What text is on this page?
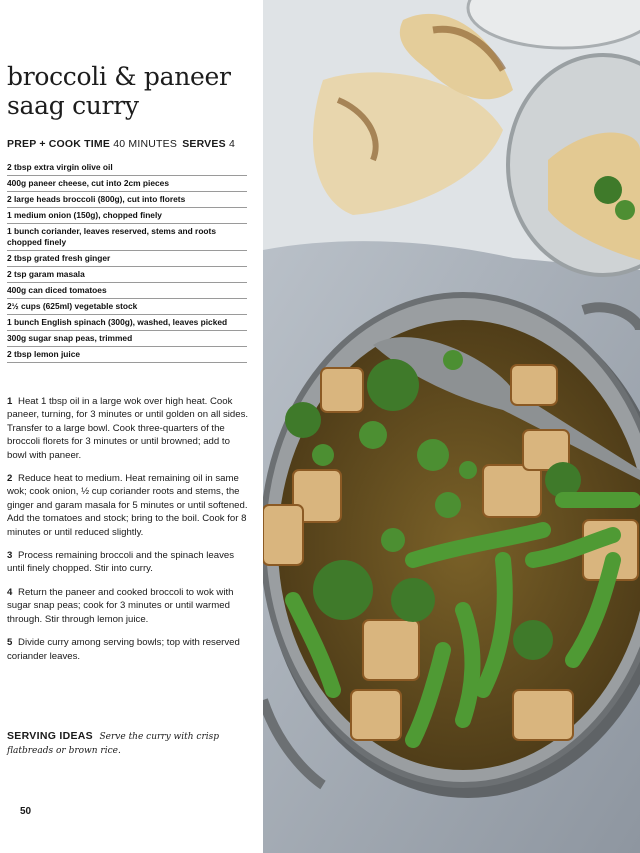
broccoli & paneer
saag curry
PREP + COOK TIME 40 MINUTES SERVES 4
2 tbsp extra virgin olive oil
400g paneer cheese, cut into 2cm pieces
2 large heads broccoli (800g), cut into florets
1 medium onion (150g), chopped finely
1 bunch coriander, leaves reserved, stems and roots chopped finely
2 tbsp grated fresh ginger
2 tsp garam masala
400g can diced tomatoes
2½ cups (625ml) vegetable stock
1 bunch English spinach (300g), washed, leaves picked
300g sugar snap peas, trimmed
2 tbsp lemon juice

1 Heat 1 tbsp oil in a large wok over high heat. Cook paneer, turning, for 3 minutes or until golden on all sides. Transfer to a large bowl. Cook three-quarters of the broccoli florets for 3 minutes or until browned; add to bowl with paneer.

2 Reduce heat to medium. Heat remaining oil in same wok; cook onion, ½ cup coriander roots and stems, the ginger and garam masala for 5 minutes or until softened. Add the tomatoes and stock; bring to the boil. Cook for 8 minutes or until reduced slightly.

3 Process remaining broccoli and the spinach leaves until finely chopped. Stir into curry.

4 Return the paneer and cooked broccoli to wok with sugar snap peas; cook for 3 minutes or until warmed through. Stir through lemon juice.

5 Divide curry among serving bowls; top with reserved coriander leaves.

SERVING IDEAS Serve the curry with crisp flatbreads or brown rice.
50
